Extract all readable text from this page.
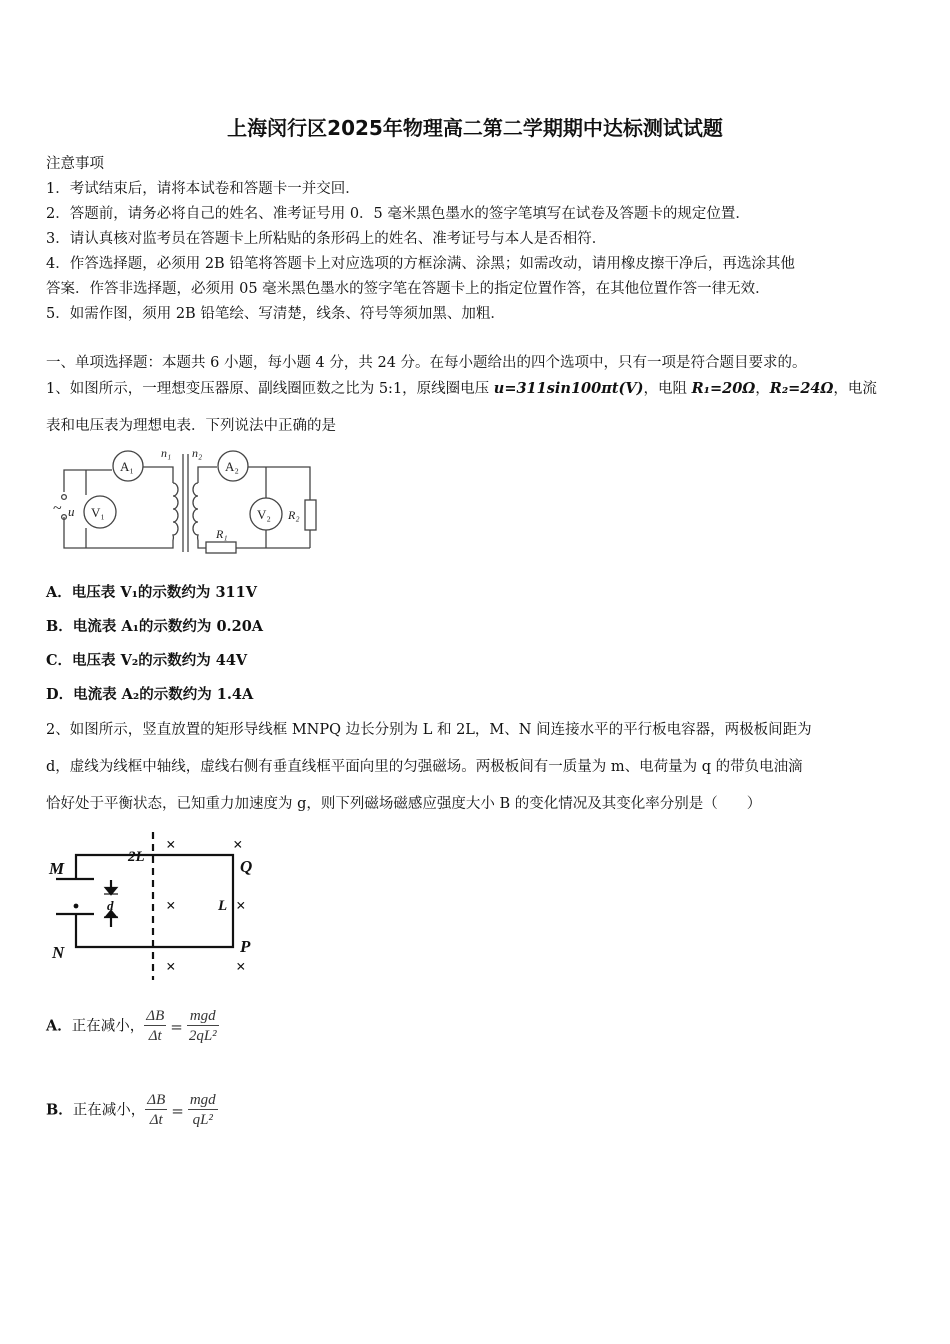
上海闵行区2025年物理高二第二学期期中达标测试试题
注意事项
1．考试结束后，请将本试卷和答题卡一并交回．
2．答题前，请务必将自己的姓名、准考证号用 0．5 毫米黑色墨水的签字笔填写在试卷及答题卡的规定位置．
3．请认真核对监考员在答题卡上所粘贴的条形码上的姓名、准考证号与本人是否相符．
4．作答选择题，必须用 2B 铅笔将答题卡上对应选项的方框涂满、涂黑；如需改动，请用橡皮擦干净后，再选涂其他
答案．作答非选择题，必须用 05 毫米黑色墨水的签字笔在答题卡上的指定位置作答，在其他位置作答一律无效．
5．如需作图，须用 2B 铅笔绘、写清楚，线条、符号等须加黑、加粗．
一、单项选择题：本题共 6 小题，每小题 4 分，共 24 分。在每小题给出的四个选项中，只有一项是符合题目要求的。
1、如图所示，一理想变压器原、副线圈匝数之比为 5:1，原线圈电压 u=311sin100πt(V)，电阻 R₁=20Ω，R₂=24Ω，电流
表和电压表为理想电表．下列说法中正确的是
A₁	A₂
V₁	V₂
n₁ n₂
R₁
R₂
~ u
A．电压表 V₁的示数约为 311V
B．电流表 A₁的示数约为 0.20A
C．电压表 V₂的示数约为 44V
D．电流表 A₂的示数约为 1.4A
2、如图所示，竖直放置的矩形导线框 MNPQ 边长分别为 L 和 2L，M、N 间连接水平的平行板电容器，两极板间距为
d，虚线为线框中轴线，虚线右侧有垂直线框平面向里的匀强磁场。两极板间有一质量为 m、电荷量为 q 的带负电油滴
恰好处于平衡状态，已知重力加速度为 g，则下列磁场磁感应强度大小 B 的变化情况及其变化率分别是（　　）
M
N	P
Q
2L
L
d
×	×
×	×
×	×
A．正在减小， $\frac{\Delta B}{\Delta t} = \frac{\text{mgd}}{\text{2qL²}}$
B．正在减小， $\frac{\Delta B}{\Delta t} = \frac{\text{mgd}}{\text{qL²}}$
